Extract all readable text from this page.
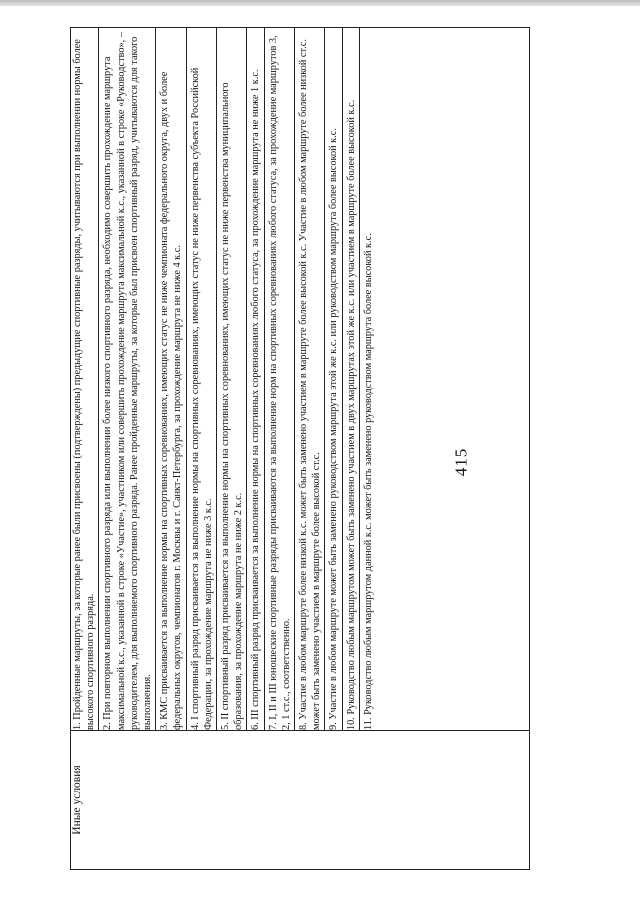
415
Иные условия	
1. Пройденные маршруты, за которые ранее были присвоены (подтверждены) предыдущие спортивные разряды, учитываются при выполнении нормы более высокого спортивного разряда. 2. При повторном выполнении спортивного разряда или выполнении более низкого спортивного разряда, необходимо совершить прохождение маршрута максимальной к.с., указанной в строке «Участие», участником или совершить прохождение маршрута максимальной к.с., указанной в строке «Руководство», – руководителем, для выполняемого спортивного разряда. Ранее пройденные маршруты, за которые был присвоен спортивный разряд, учитываются для такого выполнения. 3. КМС присваивается за выполнение нормы на спортивных соревнованиях, имеющих статус не ниже чемпионата федерального округа, двух и более федеральных округов, чемпионатов г. Москвы и г. Санкт-Петербурга, за прохождение маршрута не ниже 4 к.с. 4. I спортивный разряд присваивается за выполнение нормы на спортивных соревнованиях, имеющих статус не ниже первенства субъекта Российской Федерации, за прохождение маршрута не ниже 3 к.с. 5. II спортивный разряд присваивается за выполнение нормы на спортивных соревнованиях, имеющих статус не ниже первенства муниципального образования, за прохождение маршрута не ниже 2 к.с. 6. III спортивный разряд присваивается за выполнение нормы на спортивных соревнованиях любого статуса, за прохождение маршрута не ниже 1 к.с. 7. I, II и III юношеские спортивные разряды присваиваются за выполнение норм на спортивных соревнованиях любого статуса, за прохождение маршрутов 3, 2, 1 ст.с., соответственно. 8. Участие в любом маршруте более низкой к.с. может быть заменено участием в маршруте более высокой к.с. Участие в любом маршруте более низкой ст.с. может быть заменено участием в маршруте более высокой ст.с. 9. Участие в любом маршруте может быть заменено руководством маршрута этой же к.с. или руководством маршрута более высокой к.с. 10. Руководство любым маршрутом может быть заменено участием в двух маршрутах этой же к.с. или участием в маршруте более высокой к.с. 11. Руководство любым маршрутом данной к.с. может быть заменено руководством маршрута более высокой к.с.
